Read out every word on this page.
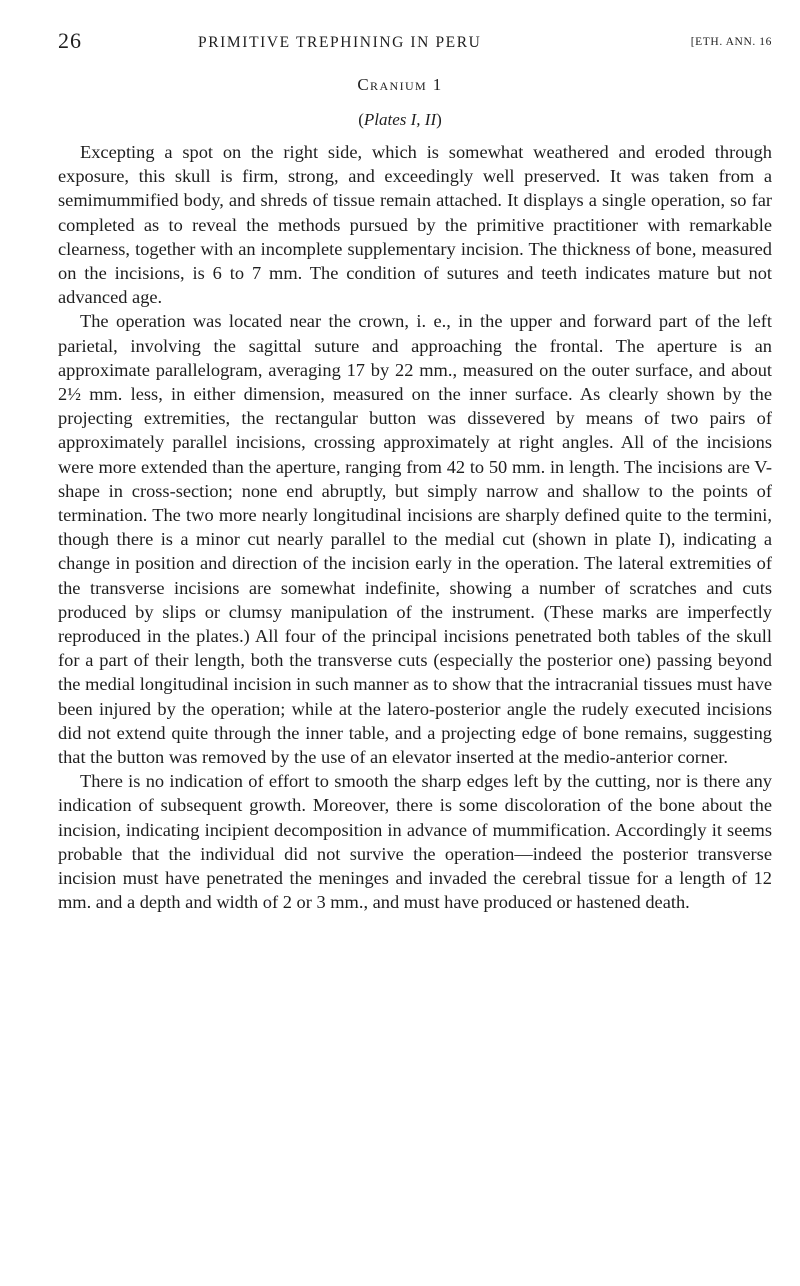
26	PRIMITIVE TREPHINING IN PERU	[ETH. ANN. 16
Cranium 1
(Plates I, II)

Excepting a spot on the right side, which is somewhat weathered and eroded through exposure, this skull is firm, strong, and exceedingly well preserved. It was taken from a semimummified body, and shreds of tissue remain attached. It displays a single operation, so far completed as to reveal the methods pursued by the primitive practitioner with remarkable clearness, together with an incomplete supplementary incision. The thickness of bone, measured on the incisions, is 6 to 7 mm. The condition of sutures and teeth indicates mature but not advanced age.

The operation was located near the crown, i. e., in the upper and forward part of the left parietal, involving the sagittal suture and approaching the frontal. The aperture is an approximate parallelogram, averaging 17 by 22 mm., measured on the outer surface, and about 2½ mm. less, in either dimension, measured on the inner surface. As clearly shown by the projecting extremities, the rectangular button was dissevered by means of two pairs of approximately parallel incisions, crossing approximately at right angles. All of the incisions were more extended than the aperture, ranging from 42 to 50 mm. in length. The incisions are V-shape in cross-section; none end abruptly, but simply narrow and shallow to the points of termination. The two more nearly longitudinal incisions are sharply defined quite to the termini, though there is a minor cut nearly parallel to the medial cut (shown in plate I), indicating a change in position and direction of the incision early in the operation. The lateral extremities of the transverse incisions are somewhat indefinite, showing a number of scratches and cuts produced by slips or clumsy manipulation of the instrument. (These marks are imperfectly reproduced in the plates.) All four of the principal incisions penetrated both tables of the skull for a part of their length, both the transverse cuts (especially the posterior one) passing beyond the medial longitudinal incision in such manner as to show that the intracranial tissues must have been injured by the operation; while at the latero-posterior angle the rudely executed incisions did not extend quite through the inner table, and a projecting edge of bone remains, suggesting that the button was removed by the use of an elevator inserted at the medio-anterior corner.

There is no indication of effort to smooth the sharp edges left by the cutting, nor is there any indication of subsequent growth. Moreover, there is some discoloration of the bone about the incision, indicating incipient decomposition in advance of mummification. Accordingly it seems probable that the individual did not survive the operation—indeed the posterior transverse incision must have penetrated the meninges and invaded the cerebral tissue for a length of 12 mm. and a depth and width of 2 or 3 mm., and must have produced or hastened death.
